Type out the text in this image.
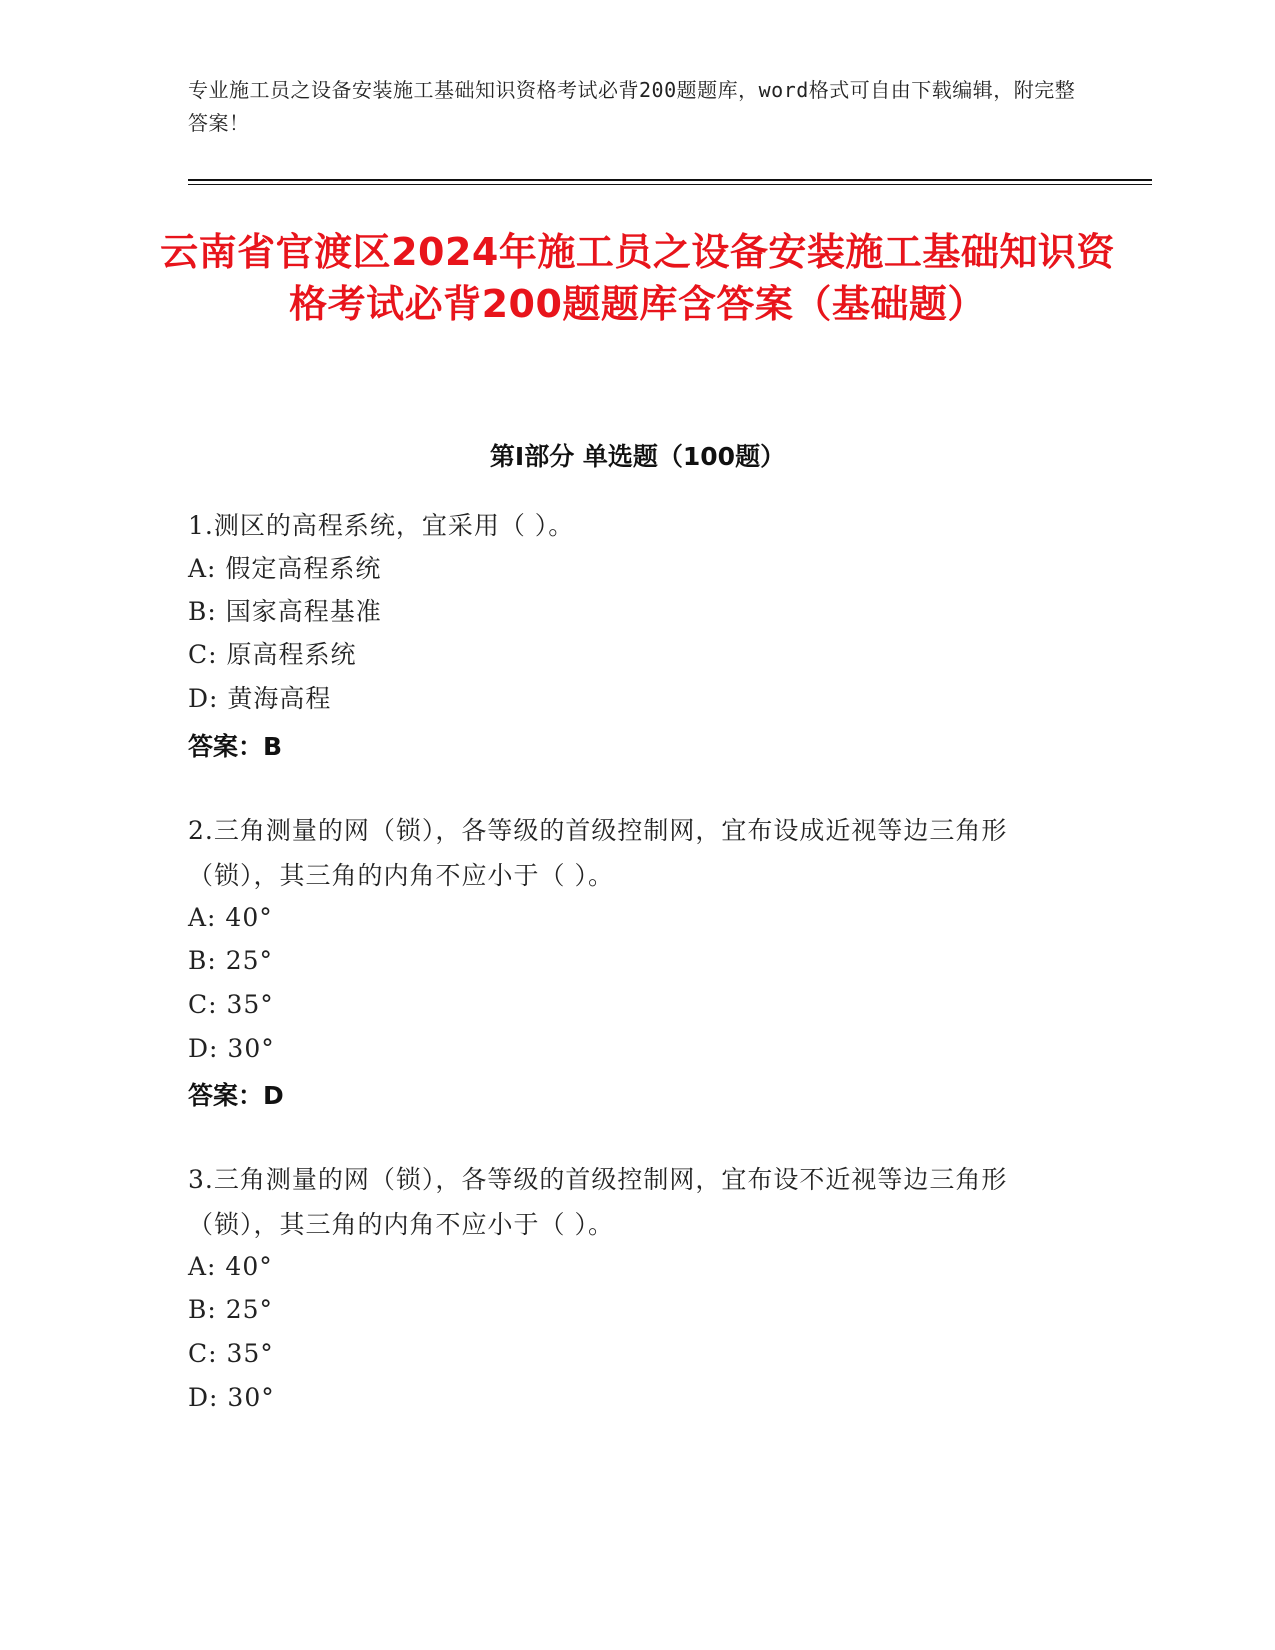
专业施工员之设备安装施工基础知识资格考试必背200题题库，word格式可自由下载编辑，附完整答案！
云南省官渡区2024年施工员之设备安装施工基础知识资格考试必背200题题库含答案（基础题）
第Ⅰ部分 单选题（100题）
1.测区的高程系统，宜采用（ ）。
A: 假定高程系统
B: 国家高程基准
C: 原高程系统
D: 黄海高程
答案：B
2.三角测量的网（锁），各等级的首级控制网，宜布设成近视等边三角形（锁），其三角的内角不应小于（ ）。
A: 40°
B: 25°
C: 35°
D: 30°
答案：D
3.三角测量的网（锁），各等级的首级控制网，宜布设不近视等边三角形（锁），其三角的内角不应小于（ ）。
A: 40°
B: 25°
C: 35°
D: 30°
